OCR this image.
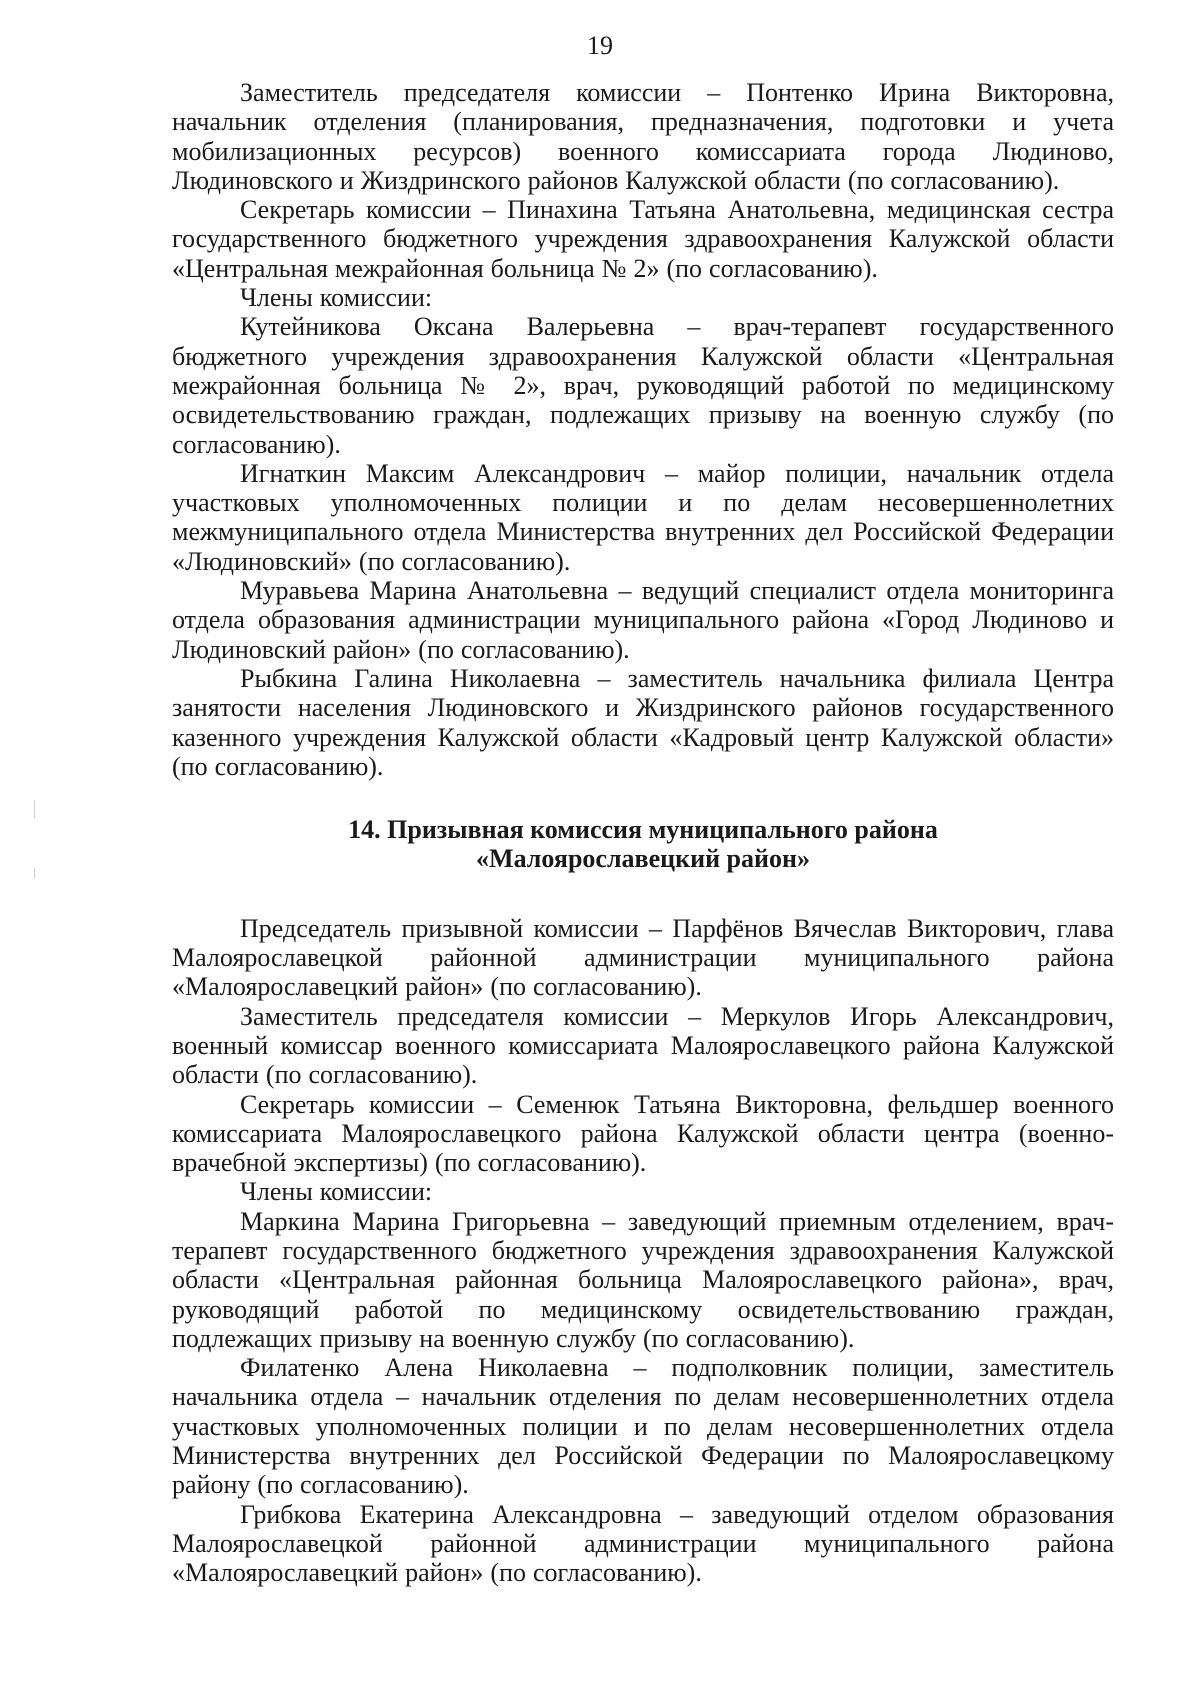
19

Заместитель председателя комиссии – Понтенко Ирина Викторовна, начальник отделения (планирования, предназначения, подготовки и учета мобилизационных ресурсов) военного комиссариата города Людиново, Людиновского и Жиздринского районов Калужской области (по согласованию).

Секретарь комиссии – Пинахина Татьяна Анатольевна, медицинская сестра государственного бюджетного учреждения здравоохранения Калужской области «Центральная межрайонная больница № 2» (по согласованию).

Члены комиссии:

Кутейникова Оксана Валерьевна – врач-терапевт государственного бюджетного учреждения здравоохранения Калужской области «Центральная межрайонная больница № 2», врач, руководящий работой по медицинскому освидетельствованию граждан, подлежащих призыву на военную службу (по согласованию).

Игнаткин Максим Александрович – майор полиции, начальник отдела участковых уполномоченных полиции и по делам несовершеннолетних межмуниципального отдела Министерства внутренних дел Российской Федерации «Людиновский» (по согласованию).

Муравьева Марина Анатольевна – ведущий специалист отдела мониторинга отдела образования администрации муниципального района «Город Людиново и Людиновский район» (по согласованию).

Рыбкина Галина Николаевна – заместитель начальника филиала Центра занятости населения Людиновского и Жиздринского районов государственного казенного учреждения Калужской области «Кадровый центр Калужской области» (по согласованию).

14. Призывная комиссия муниципального района

«Малоярославецкий район»

Председатель призывной комиссии – Парфёнов Вячеслав Викторович, глава Малоярославецкой районной администрации муниципального района «Малоярославецкий район» (по согласованию).

Заместитель председателя комиссии – Меркулов Игорь Александрович, военный комиссар военного комиссариата Малоярославецкого района Калужской области (по согласованию).

Секретарь комиссии – Семенюк Татьяна Викторовна, фельдшер военного комиссариата Малоярославецкого района Калужской области центра (военно-врачебной экспертизы) (по согласованию).

Члены комиссии:

Маркина Марина Григорьевна – заведующий приемным отделением, врач-терапевт государственного бюджетного учреждения здравоохранения Калужской области «Центральная районная больница Малоярославецкого района», врач, руководящий работой по медицинскому освидетельствованию граждан, подлежащих призыву на военную службу (по согласованию).

Филатенко Алена Николаевна – подполковник полиции, заместитель начальника отдела – начальник отделения по делам несовершеннолетних отдела участковых уполномоченных полиции и по делам несовершеннолетних отдела Министерства внутренних дел Российской Федерации по Малоярославецкому району (по согласованию).

Грибкова Екатерина Александровна – заведующий отделом образования Малоярославецкой районной администрации муниципального района «Малоярославецкий район» (по согласованию).
